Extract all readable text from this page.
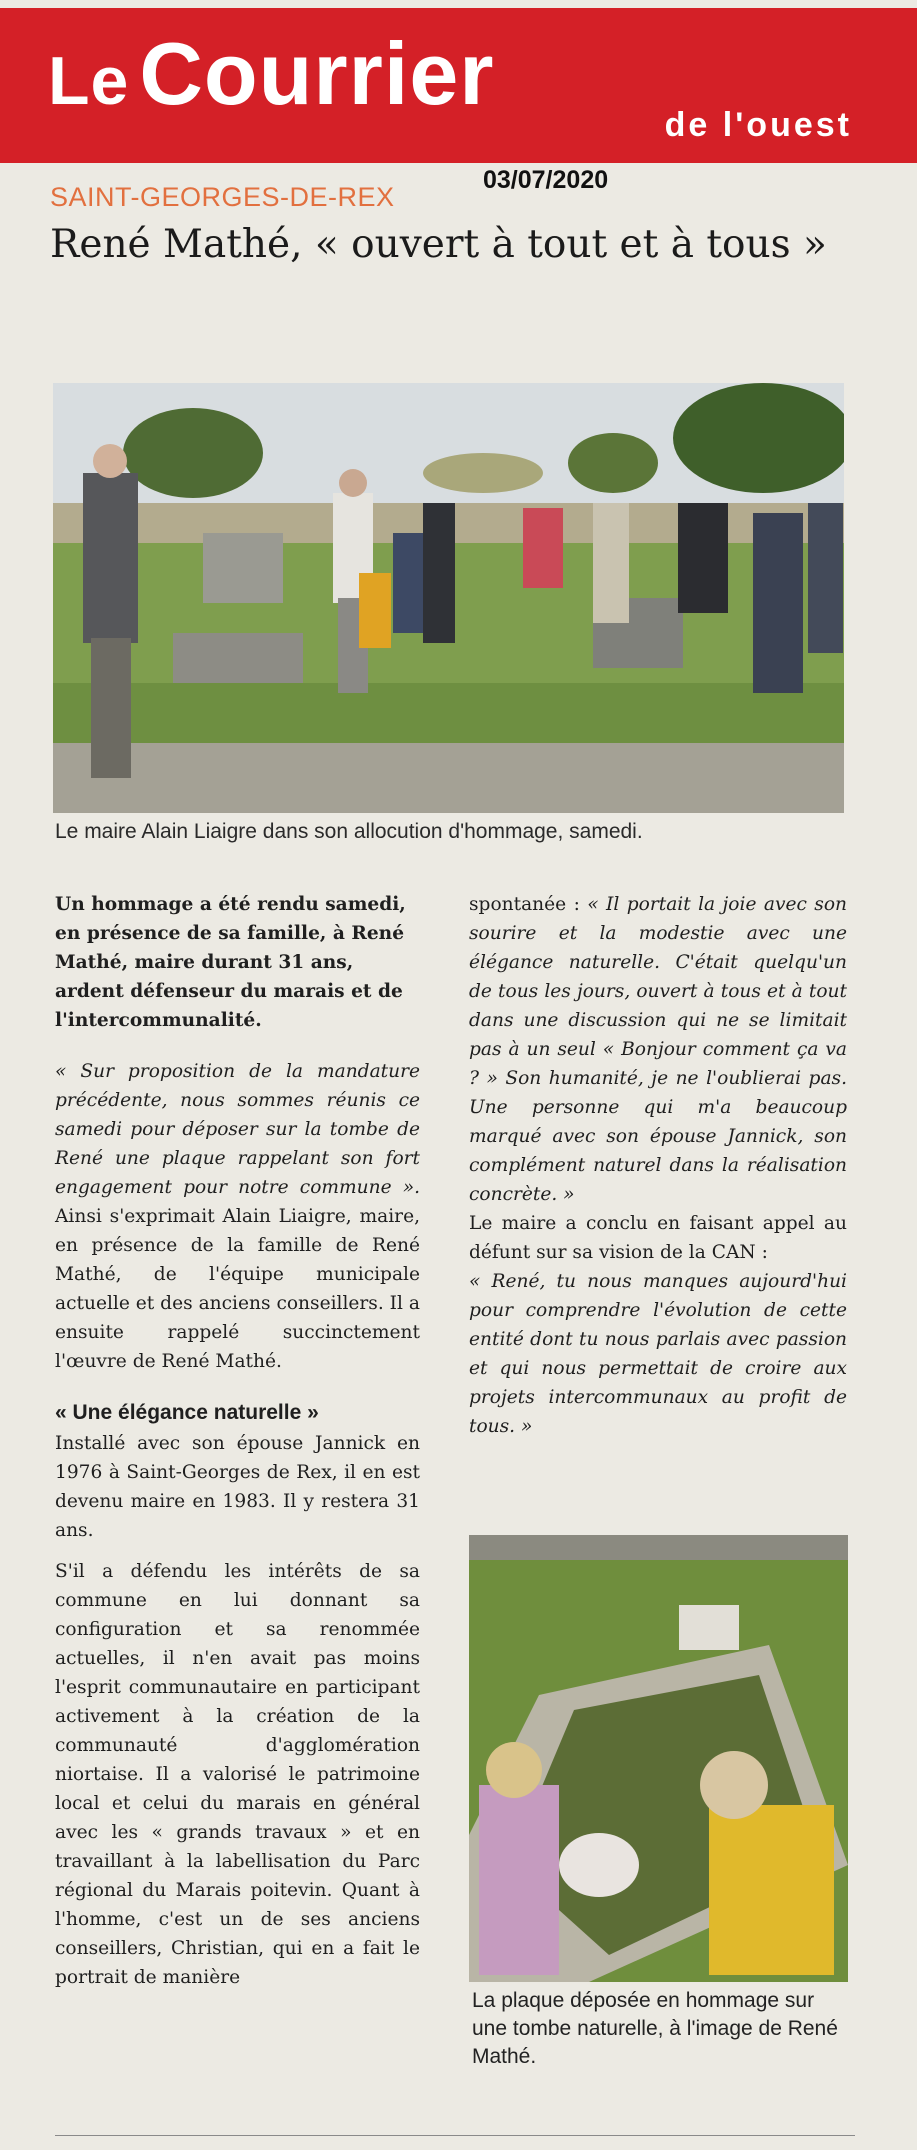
Le Courrier
de l'ouest
SAINT-GEORGES-DE-REX
03/07/2020
René Mathé, « ouvert à tout et à tous »
Le maire Alain Liaigre dans son allocution d'hommage, samedi.

Un hommage a été rendu samedi, en présence de sa famille, à René Mathé, maire durant 31 ans, ardent défenseur du marais et de l'intercommunalité.

« Sur proposition de la mandature précédente, nous sommes réunis ce samedi pour déposer sur la tombe de René une plaque rappelant son fort engagement pour notre commune ». Ainsi s'exprimait Alain Liaigre, maire, en présence de la famille de René Mathé, de l'équipe municipale actuelle et des anciens conseillers. Il a ensuite rappelé succinctement l'œuvre de René Mathé.

« Une élégance naturelle »

Installé avec son épouse Jannick en 1976 à Saint-Georges de Rex, il en est devenu maire en 1983. Il y restera 31 ans.

S'il a défendu les intérêts de sa commune en lui donnant sa configuration et sa renommée actuelles, il n'en avait pas moins l'esprit communautaire en participant activement à la création de la communauté d'agglomération niortaise. Il a valorisé le patrimoine local et celui du marais en général avec les « grands travaux » et en travaillant à la labellisation du Parc régional du Marais poitevin. Quant à l'homme, c'est un de ses anciens conseillers, Christian, qui en a fait le portrait de manière

spontanée : « Il portait la joie avec son sourire et la modestie avec une élégance naturelle. C'était quelqu'un de tous les jours, ouvert à tous et à tout dans une discussion qui ne se limitait pas à un seul « Bonjour comment ça va ? » Son humanité, je ne l'oublierai pas. Une personne qui m'a beaucoup marqué avec son épouse Jannick, son complément naturel dans la réalisation concrète. »

Le maire a conclu en faisant appel au défunt sur sa vision de la CAN :

« René, tu nous manques aujourd'hui pour comprendre l'évolution de cette entité dont tu nous parlais avec passion et qui nous permettait de croire aux projets intercommunaux au profit de tous. »

La plaque déposée en hommage sur une tombe naturelle, à l'image de René Mathé.
